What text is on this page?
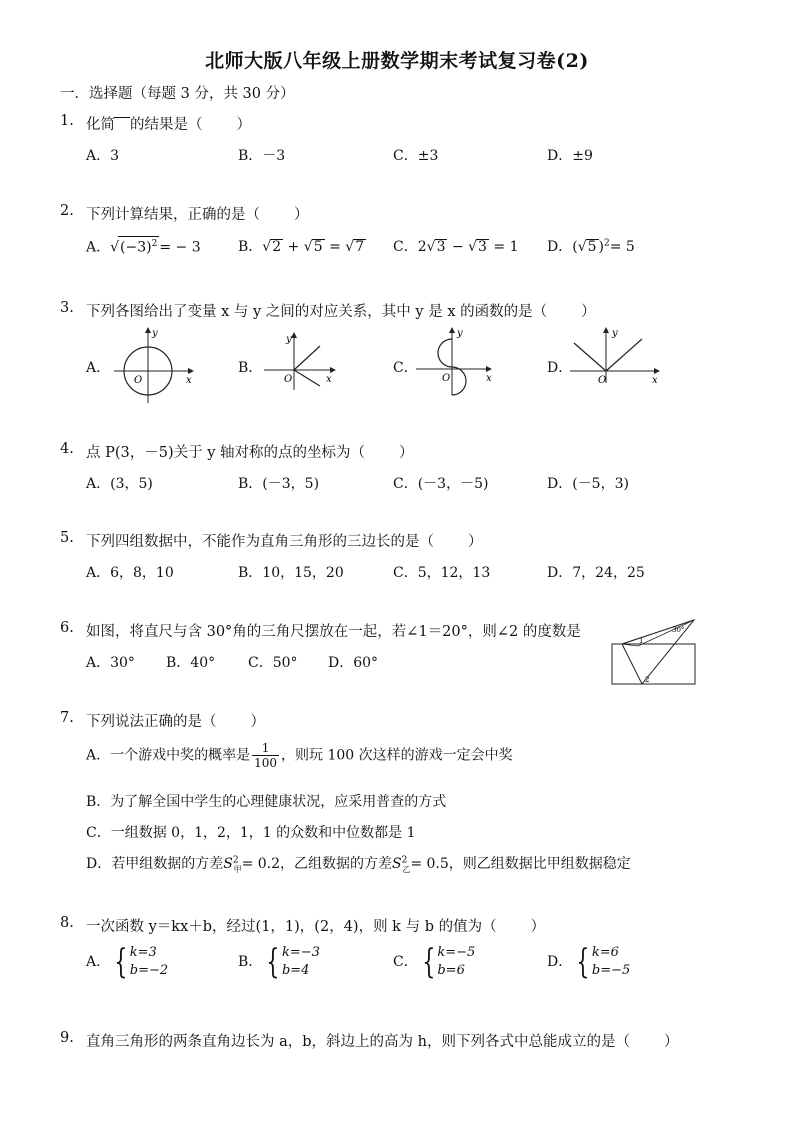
北师大版八年级上册数学期末考试复习卷(2)
一．选择题（每题 3 分，共 30 分）
1. 化简 的结果是（ ）
A．3	B．－3	C．±3	D．±9
2. 下列计算结果，正确的是（ ）
A．$√(-3)^2$ = − 3	B．√2 + √5 = √7 C．2√3 − √3 = 1 D．(√5 )$^2$= 5
3. 下列各图给出了变量 x 与 y 之间的对应关系，其中 y 是 x 的函数的是（ ）
A．	B．	C．	D．
y
x
O
y
x
O
y
x
O
y
x
O
4. 点 P(3，－5)关于 y 轴对称的点的坐标为（ ）
A．(3，5)	B．(－3，5)	C．(－3，－5)	D．(－5，3)
5. 下列四组数据中，不能作为直角三角形的三边长的是（ ）
A．6，8，10	B．10，15，20	C．5，12，13	D．7，24，25
6. 如图，将直尺与含 30°角的三角尺摆放在一起，若∠1＝20°，则∠2 的度数是
A．30° B．40° C．50° D．60°
30°
1
2
7. 下列说法正确的是（ ）
A．一个游戏中奖的概率是 $\frac{1}{100}$ ，则玩 100 次这样的游戏一定会中奖
B．为了解全国中学生的心理健康状况，应采用普查的方式
C．一组数据 0，1，2，1，1 的众数和中位数都是 1
D．若甲组数据的方差$S^2_甲= 0.2$，乙组数据的方差$S^2_乙= 0.5$，则乙组数据比甲组数据稳定
8. 一次函数 y＝kx＋b，经过(1，1)，(2，4)，则 k 与 b 的值为（ ）
A． { k=3
b=−2
B． { k=−3
b=4
C． { k=−5
b=6
D． { k=6
b=−5
9. 直角三角形的两条直角边长为 a，b，斜边上的高为 h，则下列各式中总能成立的是（ ）
